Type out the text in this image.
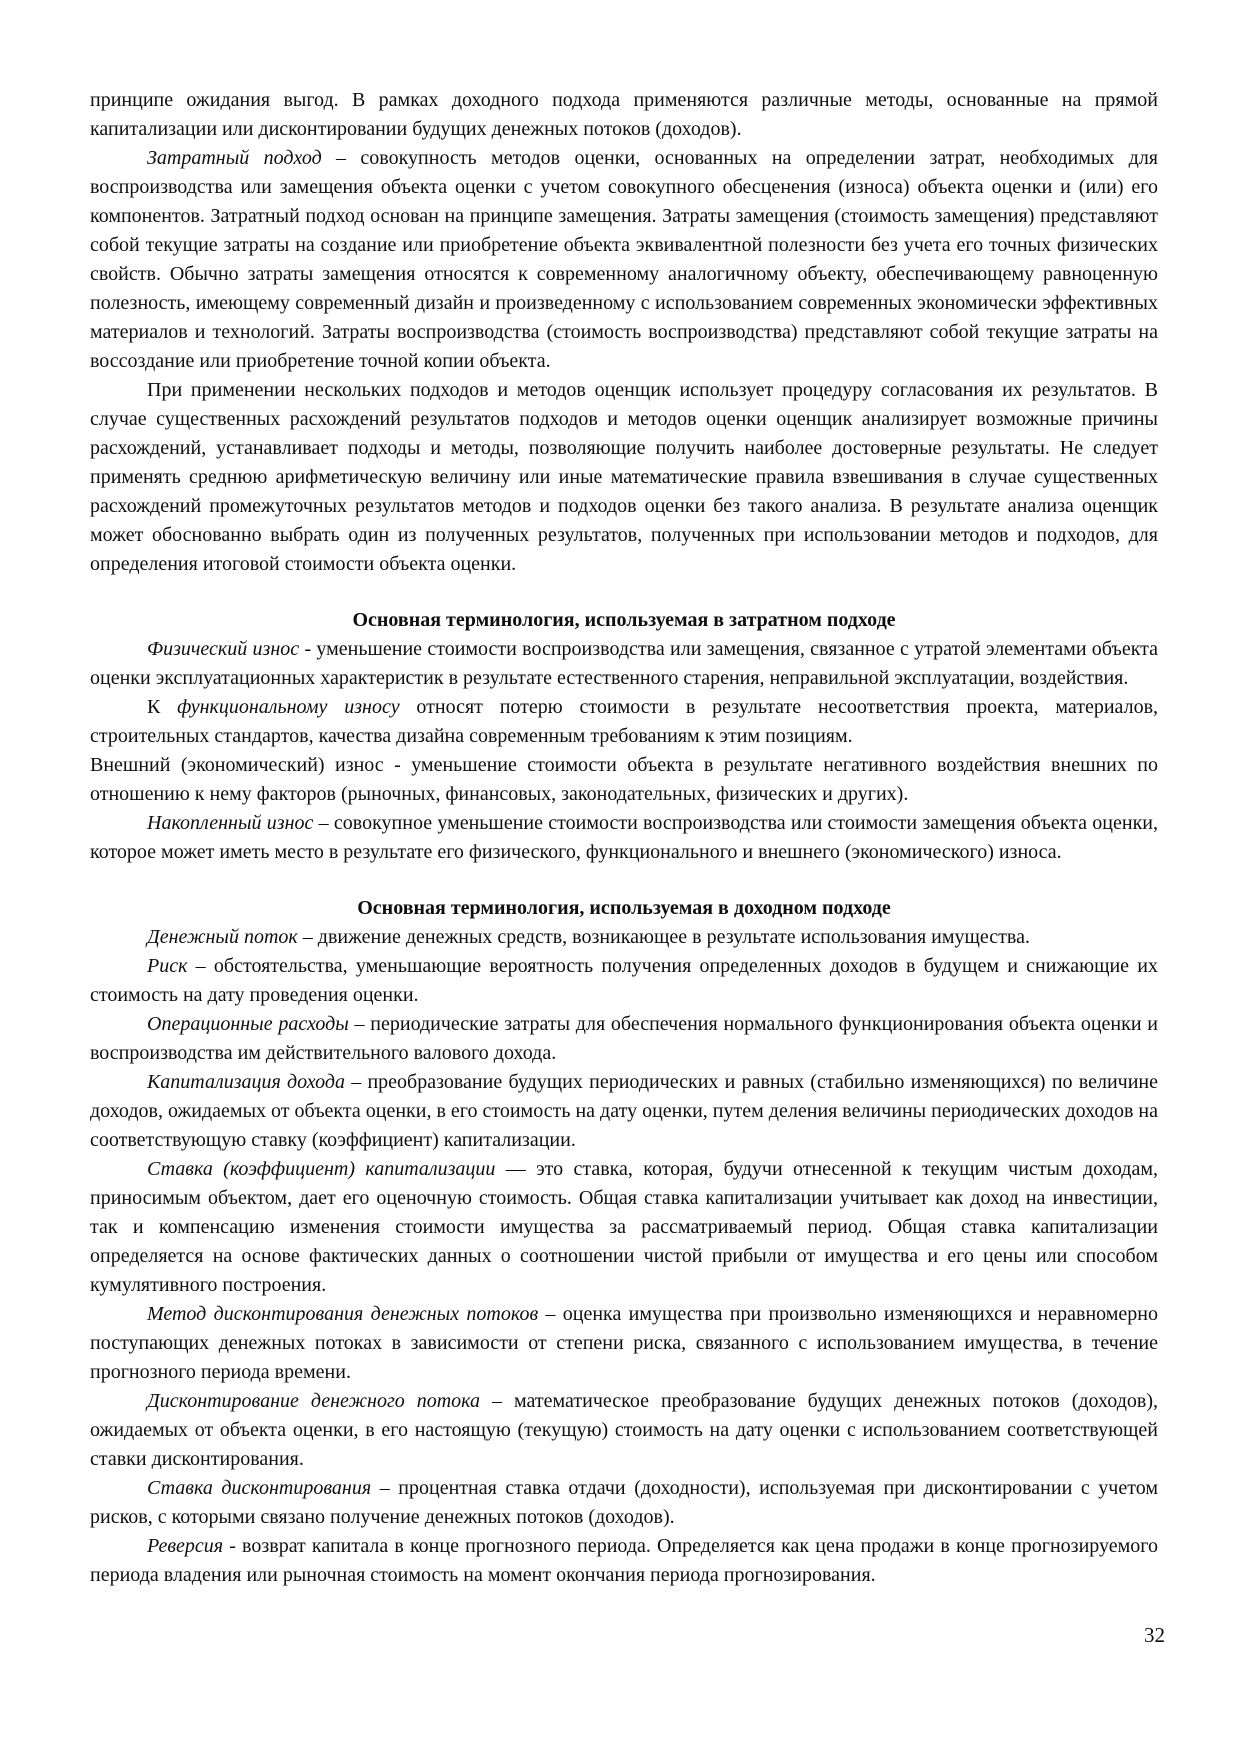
принципе ожидания выгод. В рамках доходного подхода применяются различные методы, основанные на прямой капитализации или дисконтировании будущих денежных потоков (доходов).

Затратный подход – совокупность методов оценки, основанных на определении затрат, необходимых для воспроизводства или замещения объекта оценки с учетом совокупного обесценения (износа) объекта оценки и (или) его компонентов. Затратный подход основан на принципе замещения. Затраты замещения (стоимость замещения) представляют собой текущие затраты на создание или приобретение объекта эквивалентной полезности без учета его точных физических свойств. Обычно затраты замещения относятся к современному аналогичному объекту, обеспечивающему равноценную полезность, имеющему современный дизайн и произведенному с использованием современных экономически эффективных материалов и технологий. Затраты воспроизводства (стоимость воспроизводства) представляют собой текущие затраты на воссоздание или приобретение точной копии объекта.

При применении нескольких подходов и методов оценщик использует процедуру согласования их результатов. В случае существенных расхождений результатов подходов и методов оценки оценщик анализирует возможные причины расхождений, устанавливает подходы и методы, позволяющие получить наиболее достоверные результаты. Не следует применять среднюю арифметическую величину или иные математические правила взвешивания в случае существенных расхождений промежуточных результатов методов и подходов оценки без такого анализа. В результате анализа оценщик может обоснованно выбрать один из полученных результатов, полученных при использовании методов и подходов, для определения итоговой стоимости объекта оценки.

Основная терминология, используемая в затратном подходе

Физический износ - уменьшение стоимости воспроизводства или замещения, связанное с утратой элементами объекта оценки эксплуатационных характеристик в результате естественного старения, неправильной эксплуатации, воздействия.

К функциональному износу относят потерю стоимости в результате несоответствия проекта, материалов, строительных стандартов, качества дизайна современным требованиям к этим позициям.

Внешний (экономический) износ - уменьшение стоимости объекта в результате негативного воздействия внешних по отношению к нему факторов (рыночных, финансовых, законодательных, физических и других).

Накопленный износ – совокупное уменьшение стоимости воспроизводства или стоимости замещения объекта оценки, которое может иметь место в результате его физического, функционального и внешнего (экономического) износа.

Основная терминология, используемая в доходном подходе

Денежный поток – движение денежных средств, возникающее в результате использования имущества.

Риск – обстоятельства, уменьшающие вероятность получения определенных доходов в будущем и снижающие их стоимость на дату проведения оценки.

Операционные расходы – периодические затраты для обеспечения нормального функционирования объекта оценки и воспроизводства им действительного валового дохода.

Капитализация дохода – преобразование будущих периодических и равных (стабильно изменяющихся) по величине доходов, ожидаемых от объекта оценки, в его стоимость на дату оценки, путем деления величины периодических доходов на соответствующую ставку (коэффициент) капитализации.

Ставка (коэффициент) капитализации — это ставка, которая, будучи отнесенной к текущим чистым доходам, приносимым объектом, дает его оценочную стоимость. Общая ставка капитализации учитывает как доход на инвестиции, так и компенсацию изменения стоимости имущества за рассматриваемый период. Общая ставка капитализации определяется на основе фактических данных о соотношении чистой прибыли от имущества и его цены или способом кумулятивного построения.

Метод дисконтирования денежных потоков – оценка имущества при произвольно изменяющихся и неравномерно поступающих денежных потоках в зависимости от степени риска, связанного с использованием имущества, в течение прогнозного периода времени.

Дисконтирование денежного потока – математическое преобразование будущих денежных потоков (доходов), ожидаемых от объекта оценки, в его настоящую (текущую) стоимость на дату оценки с использованием соответствующей ставки дисконтирования.

Ставка дисконтирования – процентная ставка отдачи (доходности), используемая при дисконтировании с учетом рисков, с которыми связано получение денежных потоков (доходов).

Реверсия - возврат капитала в конце прогнозного периода. Определяется как цена продажи в конце прогнозируемого периода владения или рыночная стоимость на момент окончания периода прогнозирования.

32
